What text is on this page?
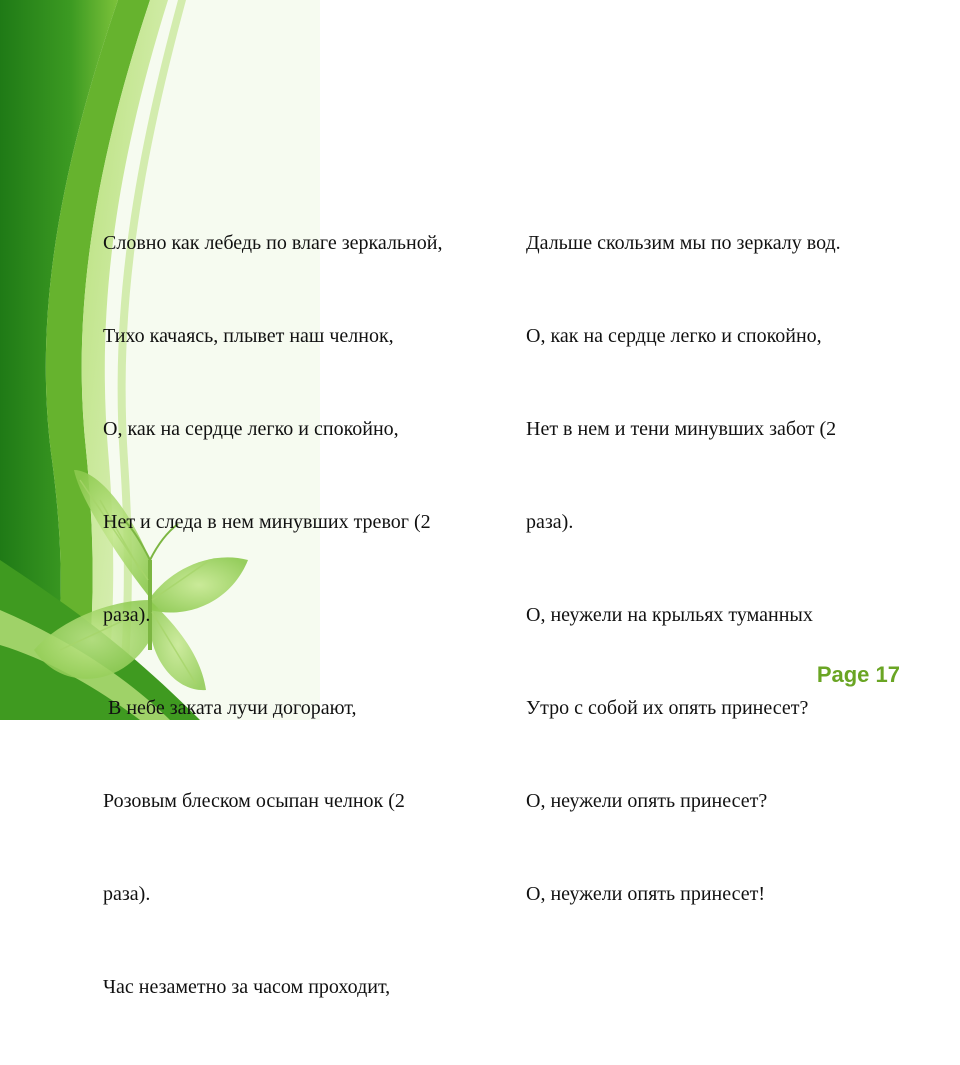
Словно как лебедь по влаге зеркальной,

Тихо качаясь, плывет наш челнок,

О, как на сердце легко и спокойно,

Нет и следа в нем минувших тревог (2

раза).

В небе заката лучи догорают,

Розовым блеском осыпан челнок (2

раза).

Час незаметно за часом проходит,

Дальше скользим мы по зеркалу вод.

О, как на сердце легко и спокойно,

Нет в нем и тени минувших забот (2

раза).

О, неужели на крыльях туманных

Утро с собой их опять принесет?

О, неужели опять принесет?

О, неужели опять принесет!

Page 17
